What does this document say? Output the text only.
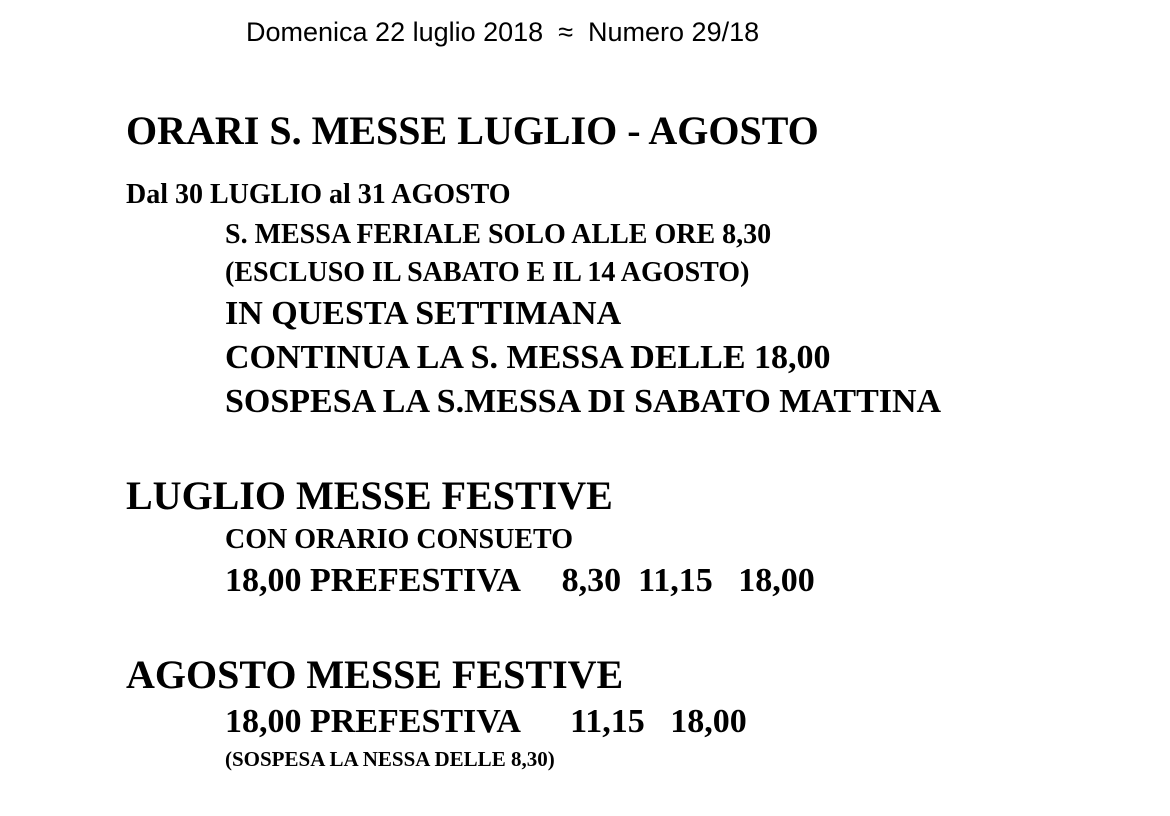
Domenica 22 luglio 2018  ≈  Numero 29/18
ORARI S. MESSE LUGLIO - AGOSTO
Dal 30 LUGLIO al 31 AGOSTO
S. MESSA FERIALE SOLO ALLE ORE 8,30
(ESCLUSO IL SABATO E IL 14 AGOSTO)
IN QUESTA SETTIMANA
CONTINUA LA S. MESSA DELLE 18,00
SOSPESA LA S.MESSA DI SABATO MATTINA
LUGLIO MESSE FESTIVE
CON ORARIO CONSUETO
18,00 PREFESTIVA     8,30  11,15   18,00
AGOSTO MESSE FESTIVE
18,00 PREFESTIVA      11,15   18,00
(SOSPESA LA NESSA DELLE 8,30)
